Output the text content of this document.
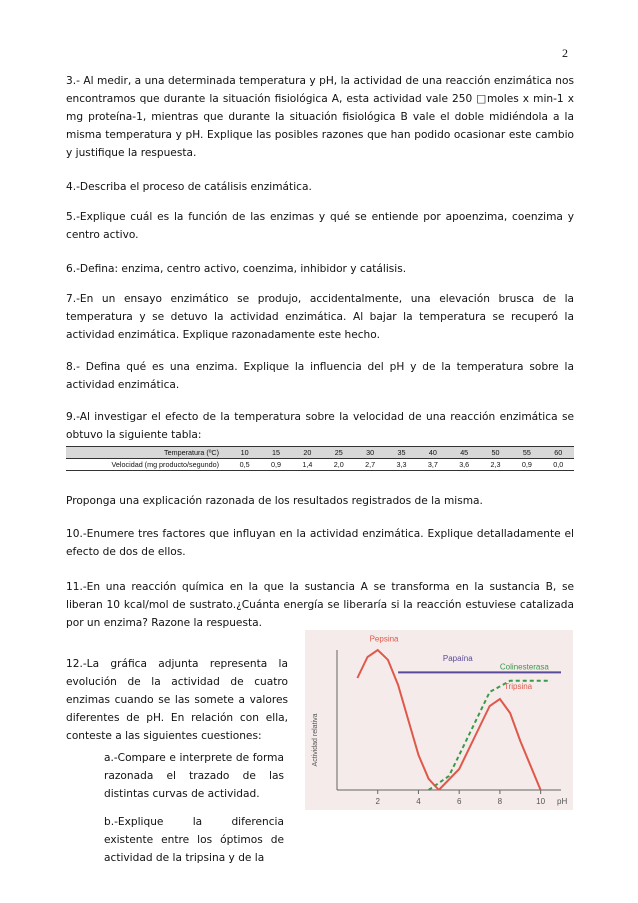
2

3.- Al medir, a una determinada temperatura y pH, la actividad de una reacción enzimática nos encontramos que durante la situación fisiológica A, esta actividad vale 250 □moles x min-1 x mg proteína-1, mientras que durante la situación fisiológica B vale el doble midiéndola a la misma temperatura y pH. Explique las posibles razones que han podido ocasionar este cambio y justifique la respuesta.

4.-Describa el proceso de catálisis enzimática.

5.-Explique cuál es la función de las enzimas y qué se entiende por apoenzima, coenzima y centro activo.

6.-Defina: enzima, centro activo, coenzima, inhibidor y catálisis.

7.-En un ensayo enzimático se produjo, accidentalmente, una elevación brusca de la temperatura y se detuvo la actividad enzimática. Al bajar la temperatura se recuperó la actividad enzimática. Explique razonadamente este hecho.

8.- Defina qué es una enzima. Explique la influencia del pH y de la temperatura sobre la actividad enzimática.

9.-Al investigar el efecto de la temperatura sobre la velocidad de una reacción enzimática se obtuvo la siguiente tabla:

Temperatura (ºC)	10	15	20	25	30	35	40	45	50	55	60
Velocidad (mg producto/segundo)	0,5	0,9	1,4	2,0	2,7	3,3	3,7	3,6	2,3	0,9	0,0

Proponga una explicación razonada de los resultados registrados de la misma.

10.-Enumere tres factores que influyan en la actividad enzimática. Explique detalladamente el efecto de dos de ellos.

11.-En una reacción química en la que la sustancia A se transforma en la sustancia B, se liberan 10 kcal/mol de sustrato.¿Cuánta energía se liberaría si la reacción estuviese catalizada por un enzima? Razone la respuesta.

12.-La gráfica adjunta representa la evolución de la actividad de cuatro enzimas cuando se las somete a valores diferentes de pH. En relación con ella, conteste a las siguientes cuestiones:

a.-Compare e interprete de forma razonada el trazado de las distintas curvas de actividad.

b.-Explique la diferencia existente entre los óptimos de actividad de la tripsina y de la

2	4	6	8	10 pH
Actividad relativa
Pepsina
Papaína
Colinesterasa
Tripsina
